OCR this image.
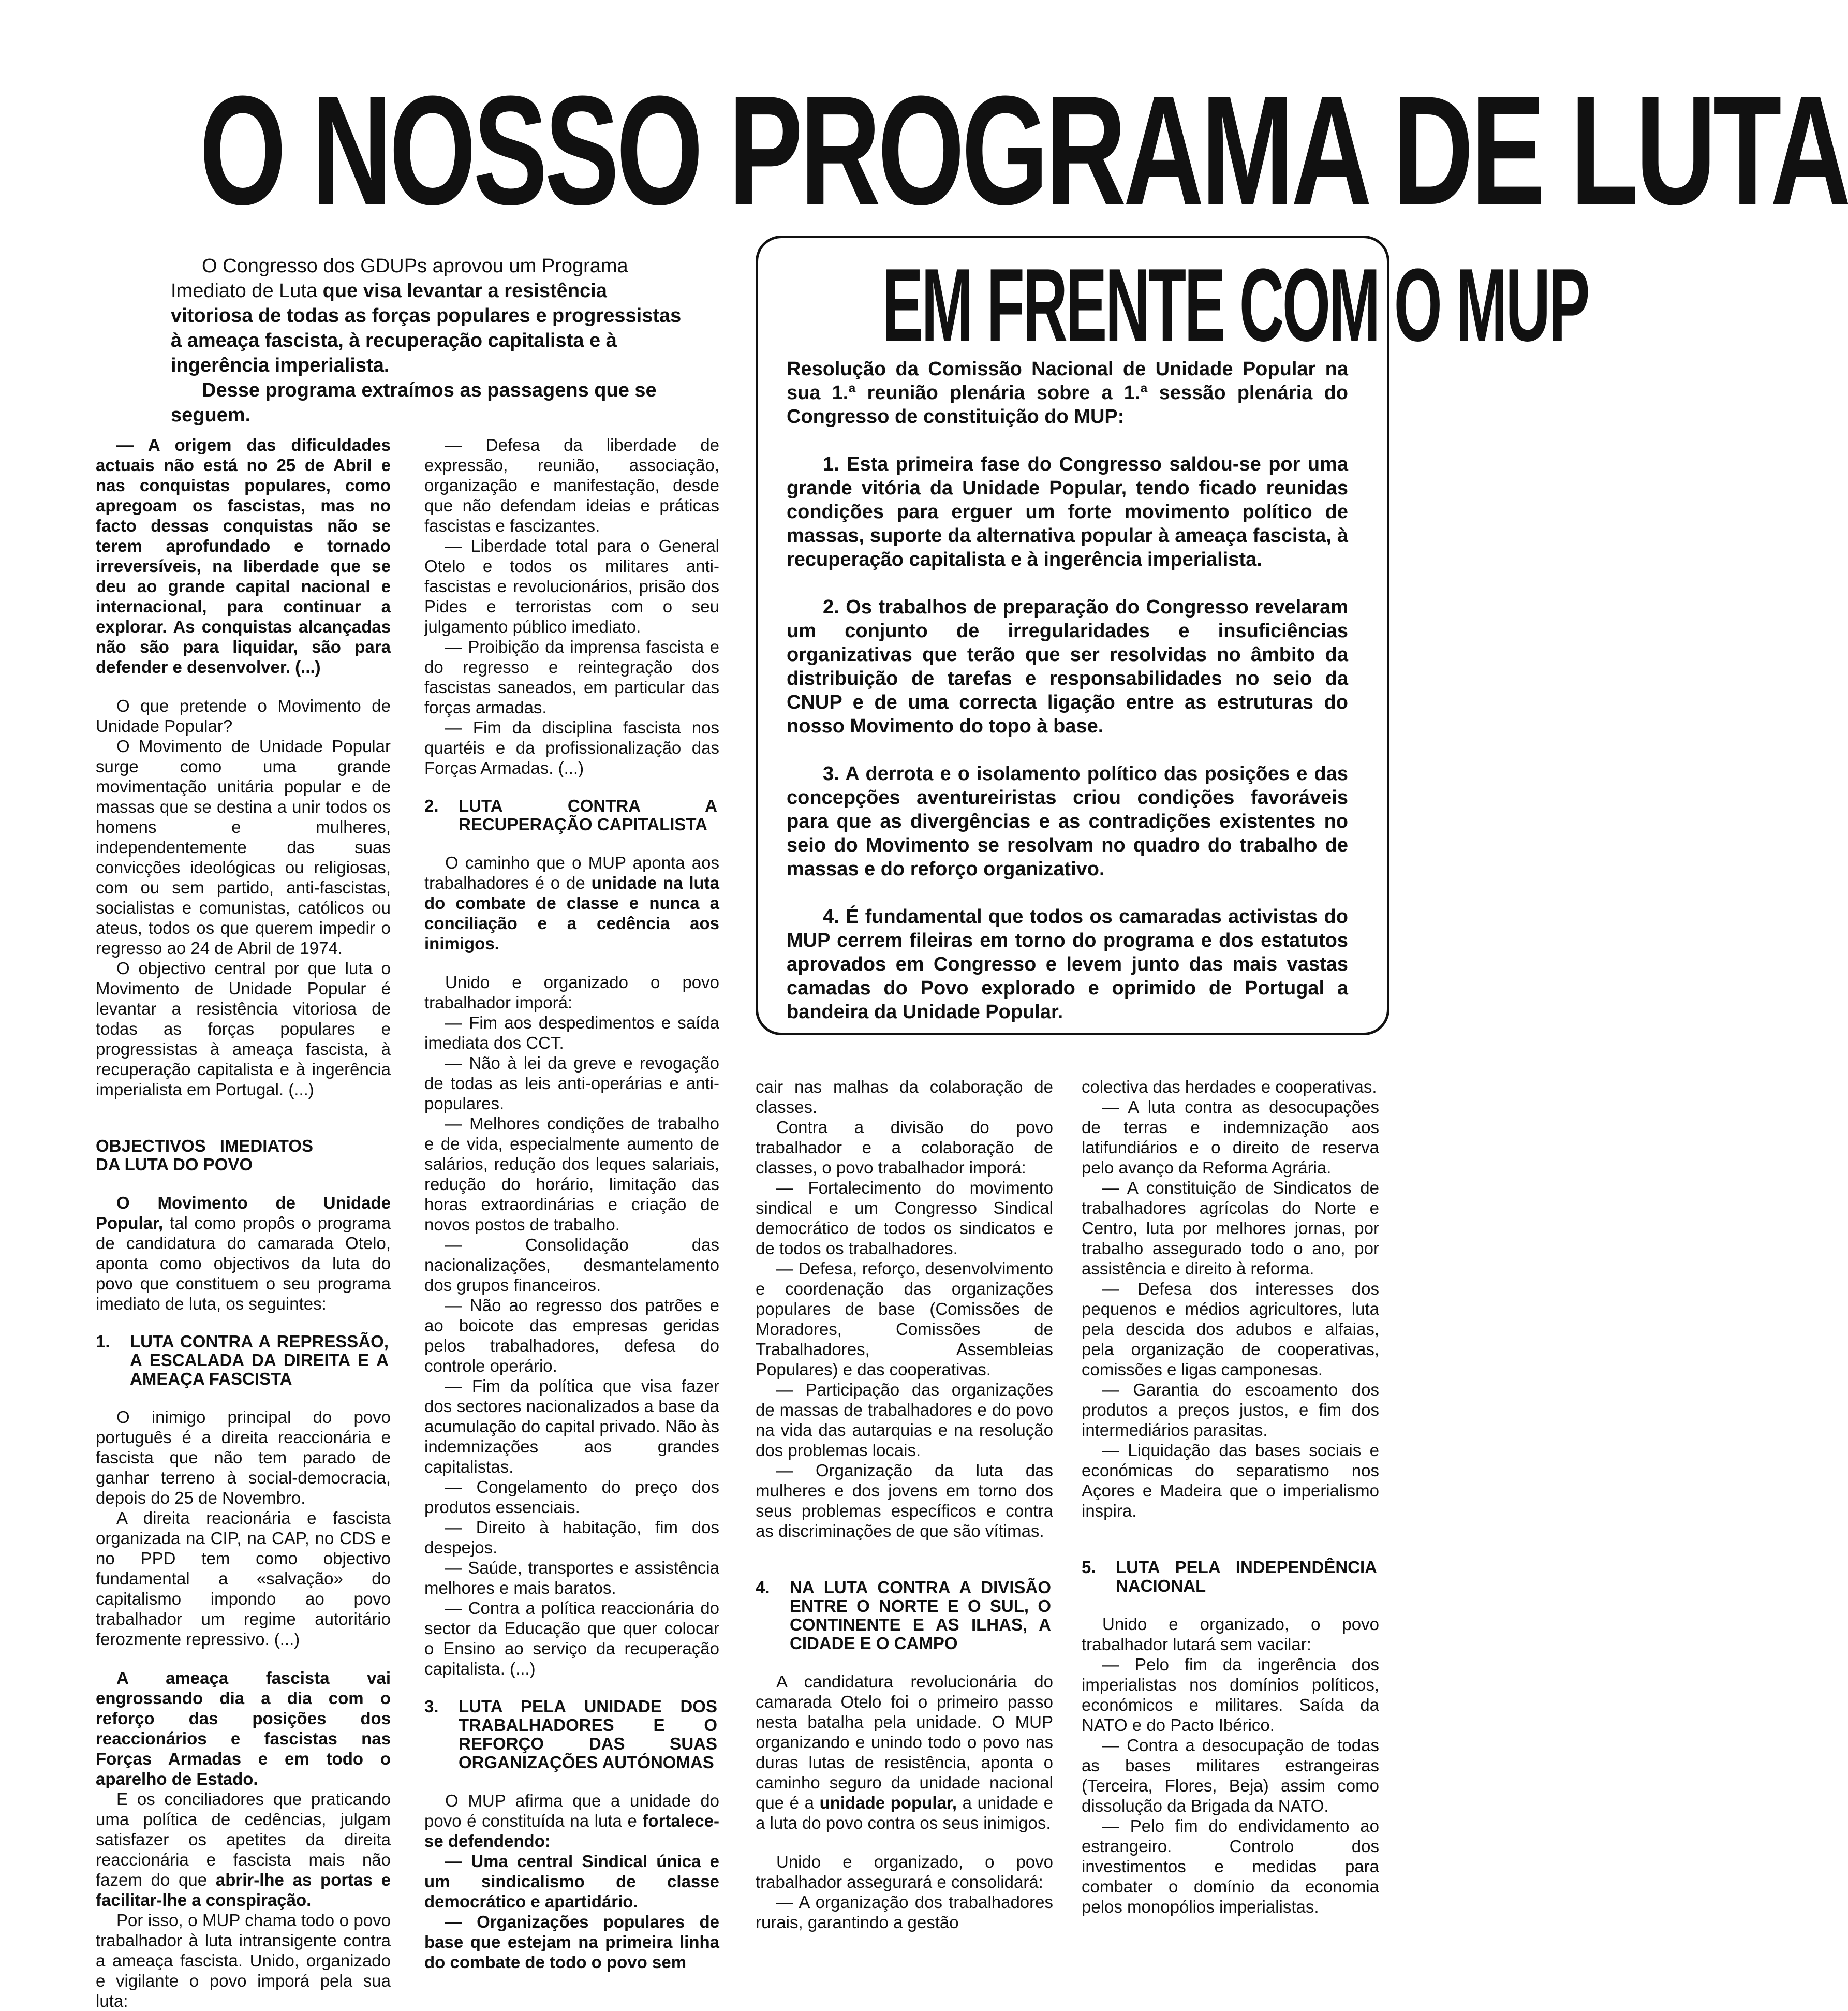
O NOSSO PROGRAMA DE LUTA

O Congresso dos GDUPs aprovou um Programa Imediato de Luta que visa levantar a resistência vitoriosa de todas as forças populares e progressistas à ameaça fascista, à recuperação capitalista e à ingerência imperialista.

Desse programa extraímos as passagens que se seguem.

— A origem das dificuldades actuais não está no 25 de Abril e nas conquistas populares, como apregoam os fascistas, mas no facto dessas conquistas não se terem aprofundado e tornado irreversíveis, na liberdade que se deu ao grande capital nacional e internacional, para continuar a explorar. As conquistas alcançadas não são para liquidar, são para defender e desenvolver. (...)

O que pretende o Movimento de Unidade Popular?

O Movimento de Unidade Popular surge como uma grande movimentação unitária popular e de massas que se destina a unir todos os homens e mulheres, independentemente das suas convicções ideológicas ou religiosas, com ou sem partido, anti-fascistas, socialistas e comunistas, católicos ou ateus, todos os que querem impedir o regresso ao 24 de Abril de 1974.

O objectivo central por que luta o Movimento de Unidade Popular é levantar a resistência vitoriosa de todas as forças populares e progressistas à ameaça fascista, à recuperação capitalista e à ingerência imperialista em Portugal. (...)

OBJECTIVOS IMEDIATOS DA LUTA DO POVO

O Movimento de Unidade Popular, tal como propôs o programa de candidatura do camarada Otelo, aponta como objectivos da luta do povo que constituem o seu programa imediato de luta, os seguintes:

1. LUTA CONTRA A REPRESSÃO, A ESCALADA DA DIREITA E A AMEAÇA FASCISTA

O inimigo principal do povo português é a direita reaccionária e fascista que não tem parado de ganhar terreno à social-democracia, depois do 25 de Novembro.

A direita reacionária e fascista organizada na CIP, na CAP, no CDS e no PPD tem como objectivo fundamental a «salvação» do capitalismo impondo ao povo trabalhador um regime autoritário ferozmente repressivo. (...)

A ameaça fascista vai engrossando dia a dia com o reforço das posições dos reaccionários e fascistas nas Forças Armadas e em todo o aparelho de Estado.

E os conciliadores que praticando uma política de cedências, julgam satisfazer os apetites da direita reaccionária e fascista mais não fazem do que abrir-lhe as portas e facilitar-lhe a conspiração.

Por isso, o MUP chama todo o povo trabalhador à luta intransigente contra a ameaça fascista. Unido, organizado e vigilante o povo imporá pela sua luta:

— Defesa da liberdade de expressão, reunião, associação, organização e manifestação, desde que não defendam ideias e práticas fascistas e fascizantes.

— Liberdade total para o General Otelo e todos os militares anti-fascistas e revolucionários, prisão dos Pides e terroristas com o seu julgamento público imediato.

— Proibição da imprensa fascista e do regresso e reintegração dos fascistas saneados, em particular das forças armadas.

— Fim da disciplina fascista nos quartéis e da profissionalização das Forças Armadas. (...)

2. LUTA CONTRA A RECUPERAÇÃO CAPITALISTA

O caminho que o MUP aponta aos trabalhadores é o de unidade na luta do combate de classe e nunca a conciliação e a cedência aos inimigos.

Unido e organizado o povo trabalhador imporá:

— Fim aos despedimentos e saída imediata dos CCT.

— Não à lei da greve e revogação de todas as leis anti-operárias e anti-populares.

— Melhores condições de trabalho e de vida, especialmente aumento de salários, redução dos leques salariais, redução do horário, limitação das horas extraordinárias e criação de novos postos de trabalho.

— Consolidação das nacionalizações, desmantelamento dos grupos financeiros.

— Não ao regresso dos patrões e ao boicote das empresas geridas pelos trabalhadores, defesa do controle operário.

— Fim da política que visa fazer dos sectores nacionalizados a base da acumulação do capital privado. Não às indemnizações aos grandes capitalistas.

— Congelamento do preço dos produtos essenciais.

— Direito à habitação, fim dos despejos.

— Saúde, transportes e assistência melhores e mais baratos.

— Contra a política reaccionária do sector da Educação que quer colocar o Ensino ao serviço da recuperação capitalista. (...)

3. LUTA PELA UNIDADE DOS TRABALHADORES E O REFORÇO DAS SUAS ORGANIZAÇÕES AUTÓNOMAS

O MUP afirma que a unidade do povo é constituída na luta e fortalece-se defendendo:

— Uma central Sindical única e um sindicalismo de classe democrático e apartidário.

— Organizações populares de base que estejam na primeira linha do combate de todo o povo sem

EM FRENTE COM O MUP

Resolução da Comissão Nacional de Unidade Popular na sua 1.ª reunião plenária sobre a 1.ª sessão plenária do Congresso de constituição do MUP:

1. Esta primeira fase do Congresso saldou-se por uma grande vitória da Unidade Popular, tendo ficado reunidas condições para erguer um forte movimento político de massas, suporte da alternativa popular à ameaça fascista, à recuperação capitalista e à ingerência imperialista.

2. Os trabalhos de preparação do Congresso revelaram um conjunto de irregularidades e insuficiências organizativas que terão que ser resolvidas no âmbito da distribuição de tarefas e responsabilidades no seio da CNUP e de uma correcta ligação entre as estruturas do nosso Movimento do topo à base.

3. A derrota e o isolamento político das posições e das concepções aventureiristas criou condições favoráveis para que as divergências e as contradições existentes no seio do Movimento se resolvam no quadro do trabalho de massas e do reforço organizativo.

4. É fundamental que todos os camaradas activistas do MUP cerrem fileiras em torno do programa e dos estatutos aprovados em Congresso e levem junto das mais vastas camadas do Povo explorado e oprimido de Portugal a bandeira da Unidade Popular.

cair nas malhas da colaboração de classes.

Contra a divisão do povo trabalhador e a colaboração de classes, o povo trabalhador imporá:

— Fortalecimento do movimento sindical e um Congresso Sindical democrático de todos os sindicatos e de todos os trabalhadores.

— Defesa, reforço, desenvolvimento e coordenação das organizações populares de base (Comissões de Moradores, Comissões de Trabalhadores, Assembleias Populares) e das cooperativas.

— Participação das organizações de massas de trabalhadores e do povo na vida das autarquias e na resolução dos problemas locais.

— Organização da luta das mulheres e dos jovens em torno dos seus problemas específicos e contra as discriminações de que são vítimas.

4. NA LUTA CONTRA A DIVISÃO ENTRE O NORTE E O SUL, O CONTINENTE E AS ILHAS, A CIDADE E O CAMPO

A candidatura revolucionária do camarada Otelo foi o primeiro passo nesta batalha pela unidade. O MUP organizando e unindo todo o povo nas duras lutas de resistência, aponta o caminho seguro da unidade nacional que é a unidade popular, a unidade e a luta do povo contra os seus inimigos.

Unido e organizado, o povo trabalhador assegurará e consolidará:

— A organização dos trabalhadores rurais, garantindo a gestão

colectiva das herdades e cooperativas.

— A luta contra as desocupações de terras e indemnização aos latifundiários e o direito de reserva pelo avanço da Reforma Agrária.

— A constituição de Sindicatos de trabalhadores agrícolas do Norte e Centro, luta por melhores jornas, por trabalho assegurado todo o ano, por assistência e direito à reforma.

— Defesa dos interesses dos pequenos e médios agricultores, luta pela descida dos adubos e alfaias, pela organização de cooperativas, comissões e ligas camponesas.

— Garantia do escoamento dos produtos a preços justos, e fim dos intermediários parasitas.

— Liquidação das bases sociais e económicas do separatismo nos Açores e Madeira que o imperialismo inspira.

5. LUTA PELA INDEPENDÊNCIA NACIONAL

Unido e organizado, o povo trabalhador lutará sem vacilar:

— Pelo fim da ingerência dos imperialistas nos domínios políticos, económicos e militares. Saída da NATO e do Pacto Ibérico.

— Contra a desocupação de todas as bases militares estrangeiras (Terceira, Flores, Beja) assim como dissolução da Brigada da NATO.

— Pelo fim do endividamento ao estrangeiro. Controlo dos investimentos e medidas para combater o domínio da economia pelos monopólios imperialistas.
